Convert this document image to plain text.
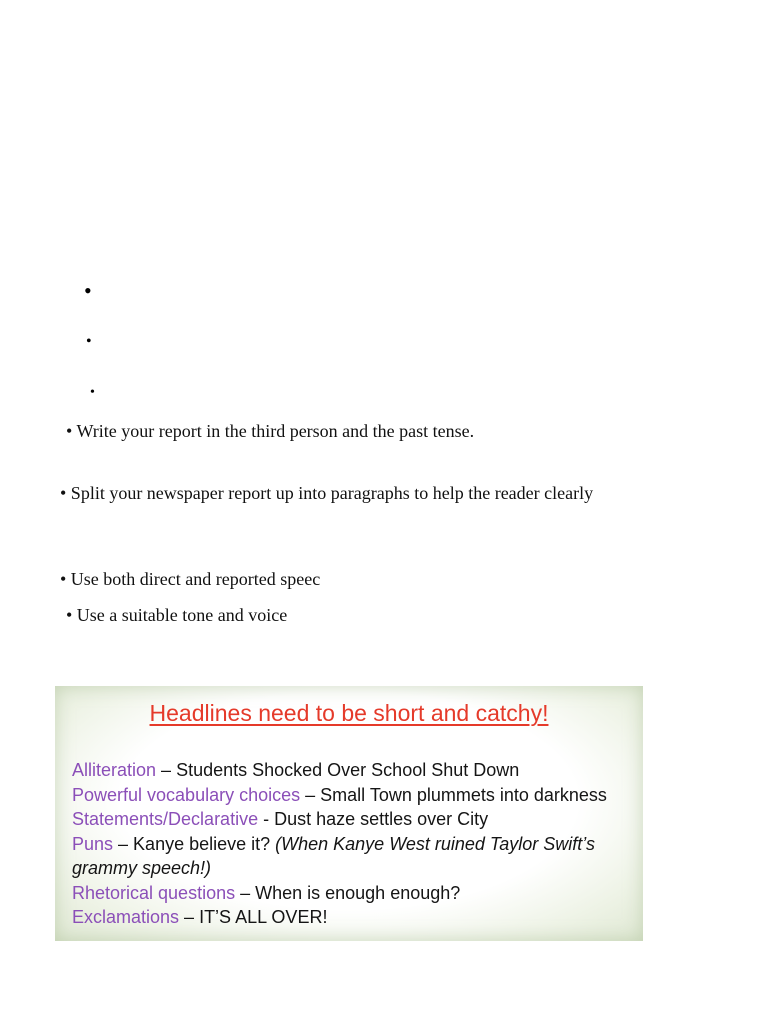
•
•
•
• Write your report in the third person and the past tense.
• Split your newspaper report up into paragraphs to help the reader clearly
• Use both direct and reported speec
• Use a suitable tone and voice
Headlines need to be short and catchy!
Alliteration – Students Shocked Over School Shut Down
Powerful vocabulary choices – Small Town plummets into darkness
Statements/Declarative - Dust haze settles over City
Puns – Kanye believe it? (When Kanye West ruined Taylor Swift’s
grammy speech!)
Rhetorical questions – When is enough enough?
Exclamations – IT’S ALL OVER!
